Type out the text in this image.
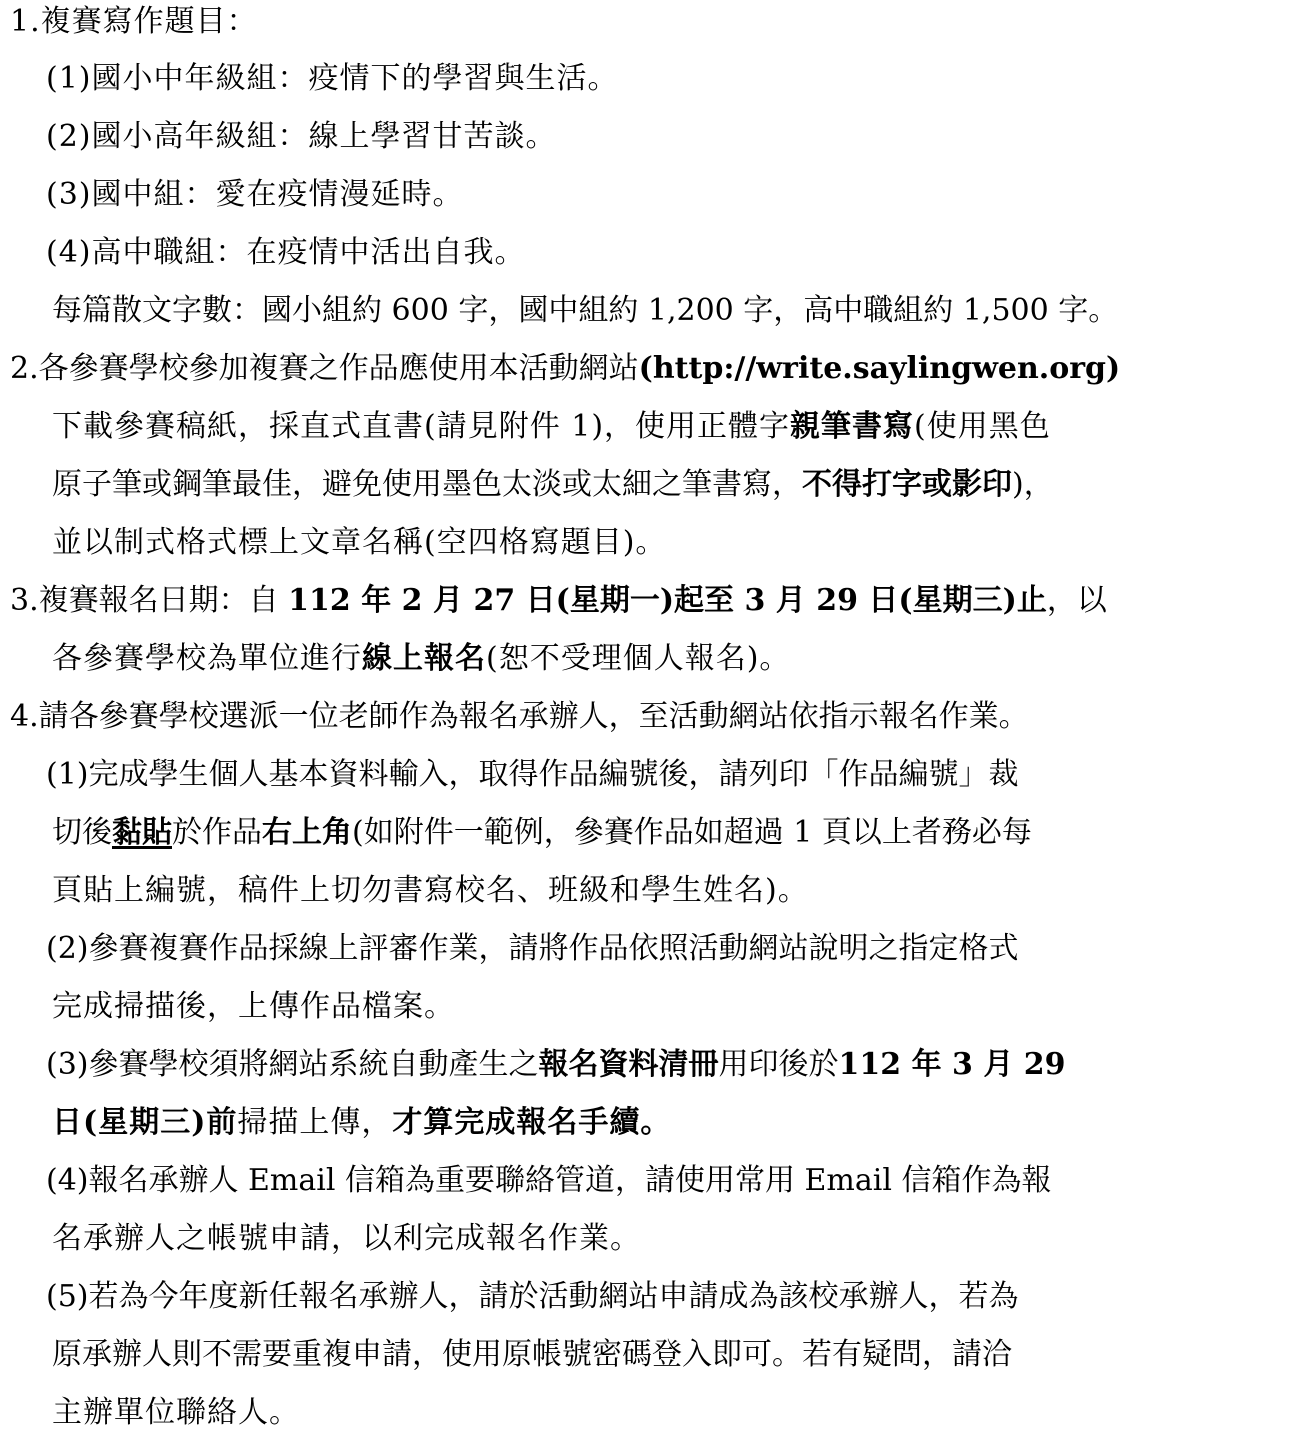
1.複賽寫作題目：
(1)國小中年級組：疫情下的學習與生活。
(2)國小高年級組：線上學習甘苦談。
(3)國中組：愛在疫情漫延時。
(4)高中職組：在疫情中活出自我。
每篇散文字數：國小組約 600 字，國中組約 1,200 字，高中職組約 1,500 字。
2.各參賽學校參加複賽之作品應使用本活動網站(http://write.saylingwen.org)
下載參賽稿紙，採直式直書(請見附件 1)，使用正體字親筆書寫(使用黑色
原子筆或鋼筆最佳，避免使用墨色太淡或太細之筆書寫，不得打字或影印)，
並以制式格式標上文章名稱(空四格寫題目)。
3.複賽報名日期：自 112 年 2 月 27 日(星期一)起至 3 月 29 日(星期三)止，以
各參賽學校為單位進行線上報名(恕不受理個人報名)。
4.請各參賽學校選派一位老師作為報名承辦人，至活動網站依指示報名作業。
(1)完成學生個人基本資料輸入，取得作品編號後，請列印「作品編號」裁
切後黏貼於作品右上角(如附件一範例，參賽作品如超過 1 頁以上者務必每
頁貼上編號，稿件上切勿書寫校名、班級和學生姓名)。
(2)參賽複賽作品採線上評審作業，請將作品依照活動網站說明之指定格式
完成掃描後，上傳作品檔案。
(3)參賽學校須將網站系統自動產生之報名資料清冊用印後於112 年 3 月 29
日(星期三)前掃描上傳，才算完成報名手續。
(4)報名承辦人 Email 信箱為重要聯絡管道，請使用常用 Email 信箱作為報
名承辦人之帳號申請，以利完成報名作業。
(5)若為今年度新任報名承辦人，請於活動網站申請成為該校承辦人，若為
原承辦人則不需要重複申請，使用原帳號密碼登入即可。若有疑問，請洽
主辦單位聯絡人。
